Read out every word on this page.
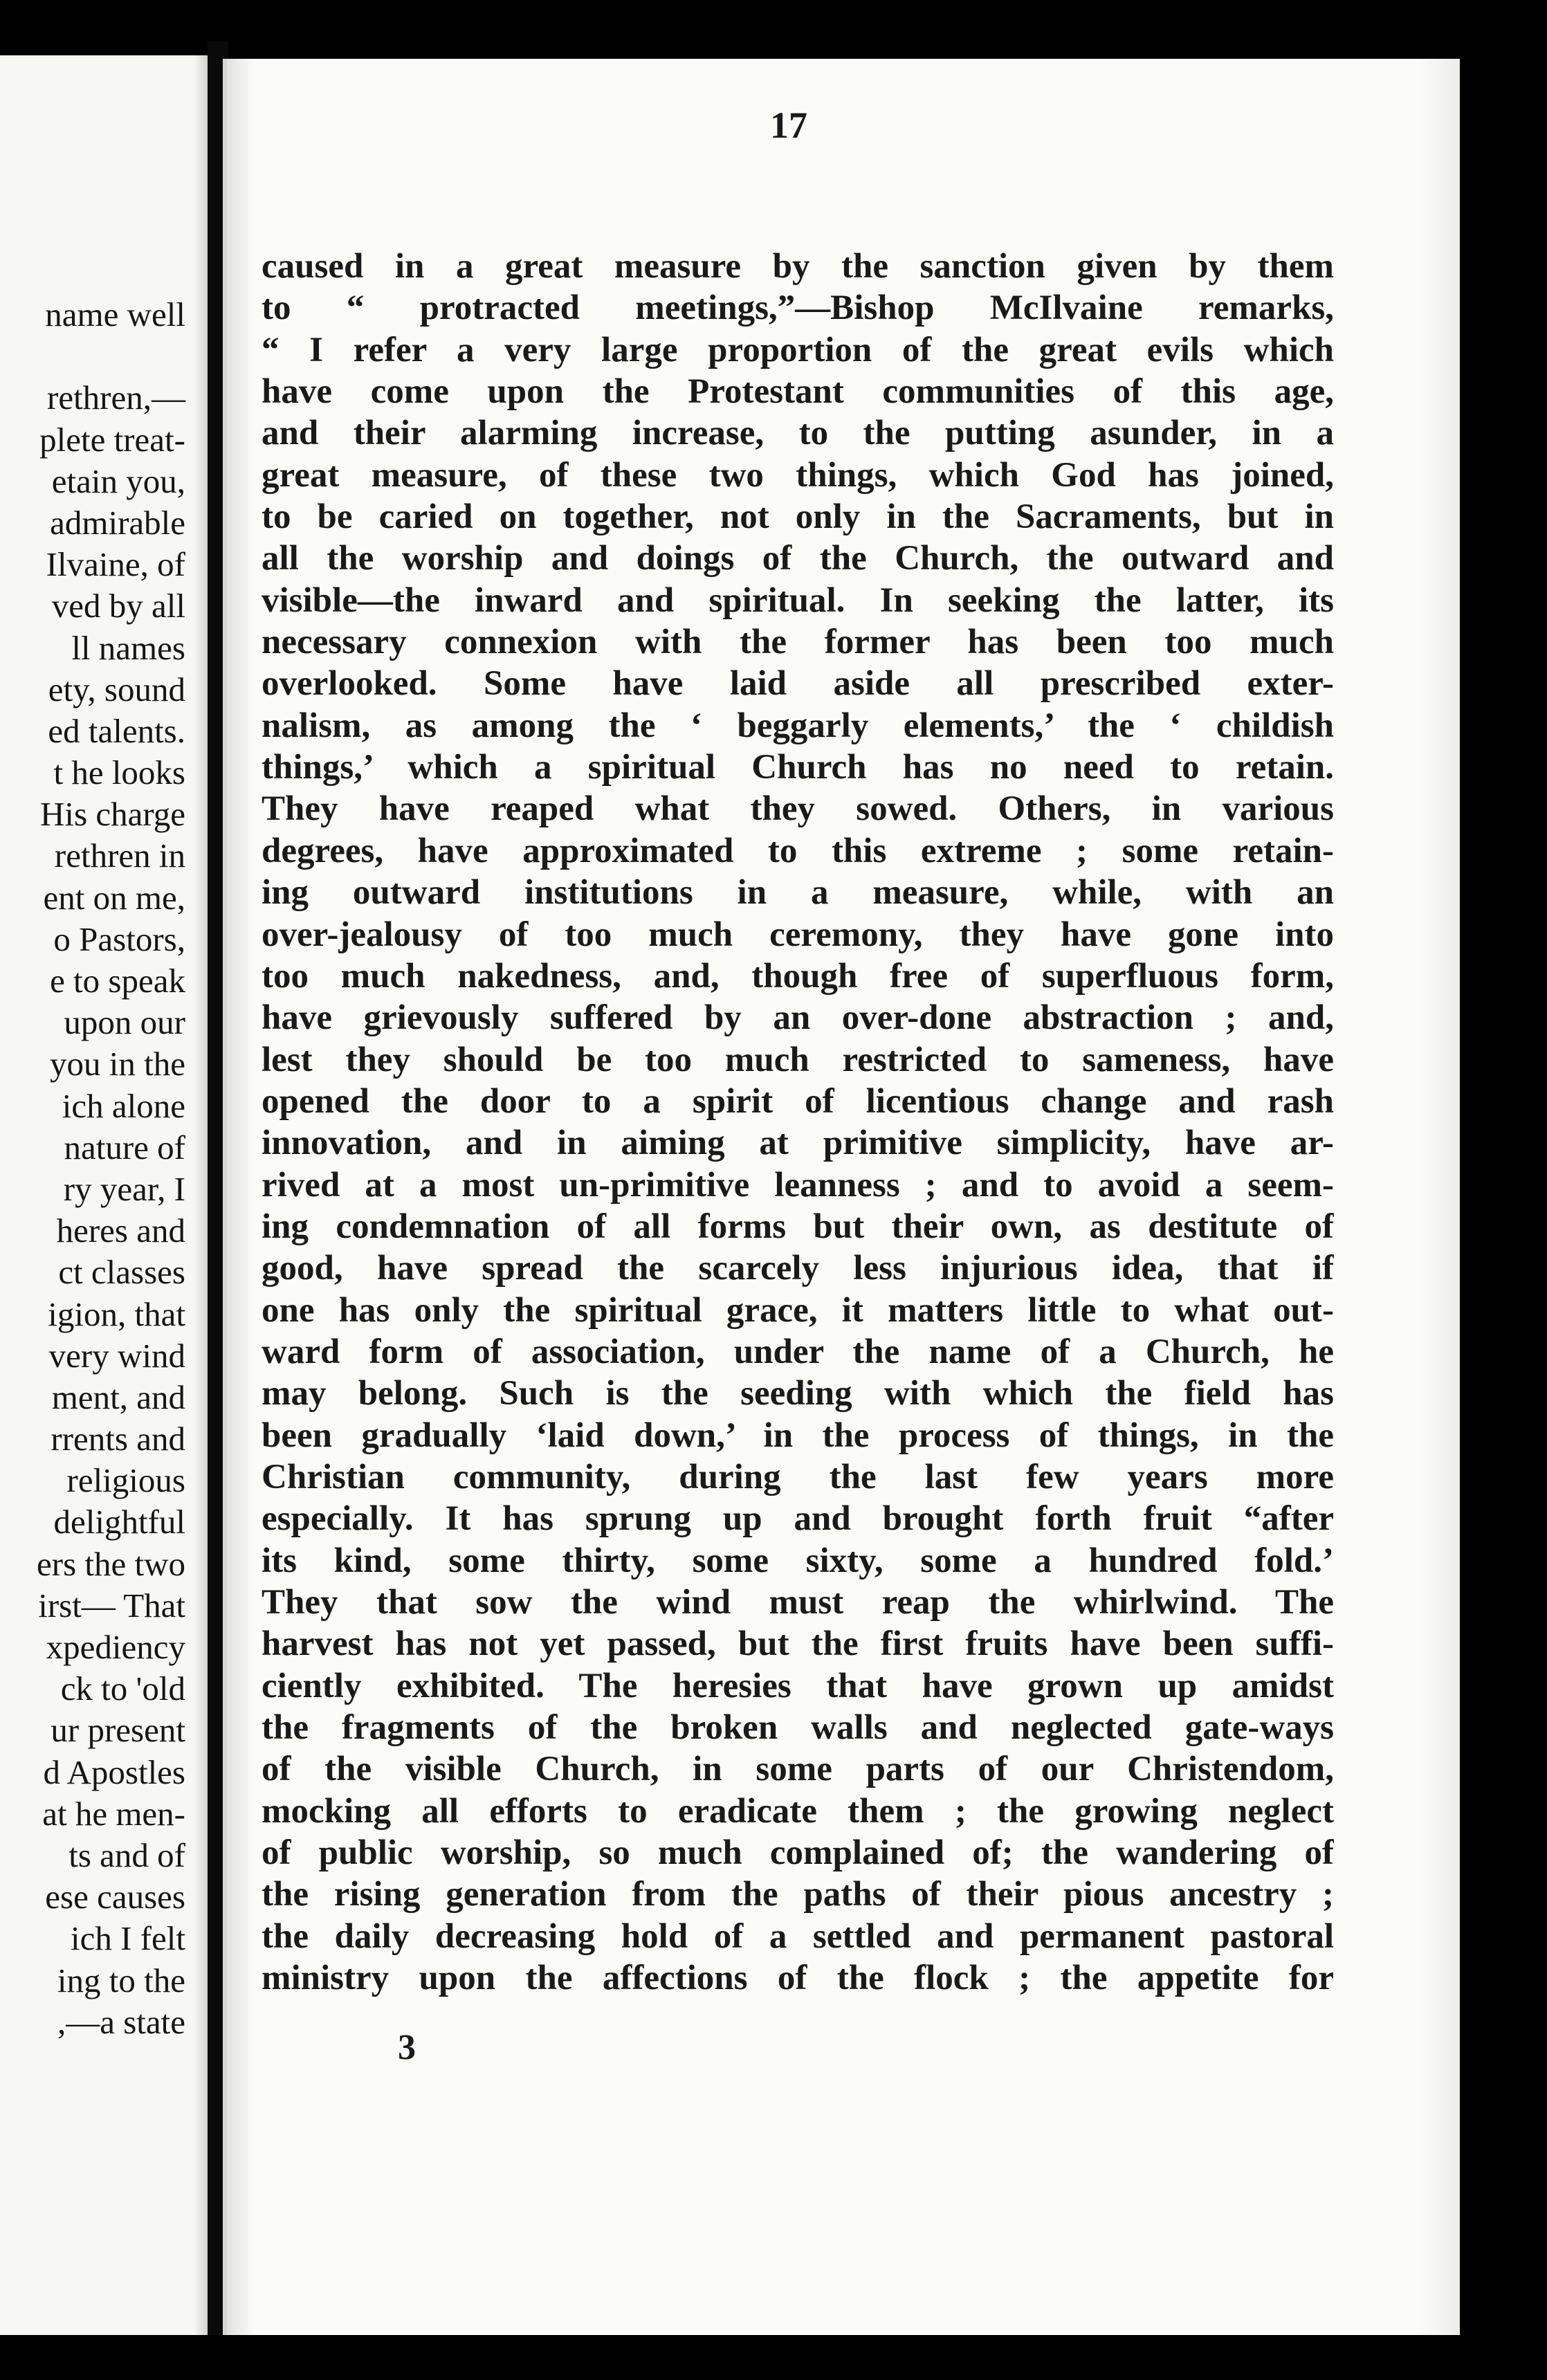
name well
rethren,—
plete treat-
etain you,
admirable
Ilvaine, of
ved by all
ll names
ety, sound
ed talents.
t he looks
His charge
rethren in
ent on me,
o Pastors,
e to speak
upon our
you in the
ich alone
nature of
ry year, I
heres and
ct classes
igion, that
very wind
ment, and
rrents and
religious
delightful
ers the two
irst— That
xpediency
ck to 'old
ur present
d Apostles
at he men-
ts and of
ese causes
ich I felt
ing to the
,—a state
17
caused in a great measure by the sanction given by them
to “ protracted meetings,”—Bishop McIlvaine remarks,
“ I refer a very large proportion of the great evils which
have come upon the Protestant communities of this age,
and their alarming increase, to the putting asunder, in a
great measure, of these two things, which God has joined,
to be caried on together, not only in the Sacraments, but in
all the worship and doings of the Church, the outward and
visible—the inward and spiritual. In seeking the latter, its
necessary connexion with the former has been too much
overlooked. Some have laid aside all prescribed exter-
nalism, as among the ‘ beggarly elements,’ the ‘ childish
things,’ which a spiritual Church has no need to retain.
They have reaped what they sowed. Others, in various
degrees, have approximated to this extreme ; some retain-
ing outward institutions in a measure, while, with an
over-jealousy of too much ceremony, they have gone into
too much nakedness, and, though free of superfluous form,
have grievously suffered by an over-done abstraction ; and,
lest they should be too much restricted to sameness, have
opened the door to a spirit of licentious change and rash
innovation, and in aiming at primitive simplicity, have ar-
rived at a most un-primitive leanness ; and to avoid a seem-
ing condemnation of all forms but their own, as destitute of
good, have spread the scarcely less injurious idea, that if
one has only the spiritual grace, it matters little to what out-
ward form of association, under the name of a Church, he
may belong. Such is the seeding with which the field has
been gradually ‘laid down,’ in the process of things, in the
Christian community, during the last few years more
especially. It has sprung up and brought forth fruit “after
its kind, some thirty, some sixty, some a hundred fold.’
They that sow the wind must reap the whirlwind. The
harvest has not yet passed, but the first fruits have been suffi-
ciently exhibited. The heresies that have grown up amidst
the fragments of the broken walls and neglected gate-ways
of the visible Church, in some parts of our Christendom,
mocking all efforts to eradicate them ; the growing neglect
of public worship, so much complained of; the wandering of
the rising generation from the paths of their pious ancestry ;
the daily decreasing hold of a settled and permanent pastoral
ministry upon the affections of the flock ; the appetite for
3
